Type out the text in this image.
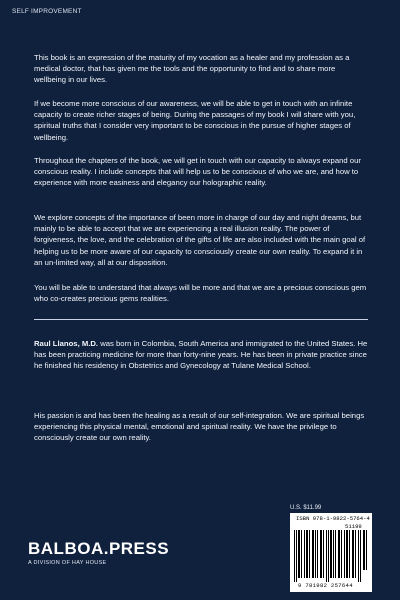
SELF IMPROVEMENT

This book is an expression of the maturity of my vocation as a healer and my profession as a medical doctor, that has given me the tools and the opportunity to find and to share more wellbeing in our lives.

If we become more conscious of our awareness, we will be able to get in touch with an infinite capacity to create richer stages of being. During the passages of my book I will share with you, spiritual truths that I consider very important to be conscious in the pursue of higher stages of wellbeing.

Throughout the chapters of the book, we will get in touch with our capacity to always expand our conscious reality. I include concepts that will help us to be conscious of who we are, and how to experience with more easiness and elegancy our holographic reality.

We explore concepts of the importance of been more in charge of our day and night dreams, but mainly to be able to accept that we are experiencing a real illusion reality. The power of forgiveness, the love, and the celebration of the gifts of life are also included with the main goal of helping us to be more aware of our capacity to consciously create our own reality. To expand it in an un-limited way, all at our disposition.

You will be able to understand that always will be more and that we are a precious conscious gem who co-creates precious gems realities.

Raul Llanos, M.D. was born in Colombia, South America and immigrated to the United States. He has been practicing medicine for more than forty-nine years. He has been in private practice since he finished his residency in Obstetrics and Gynecology at Tulane Medical School.

His passion is and has been the healing as a result of our self-integration. We are spiritual beings experiencing this physical mental, emotional and spiritual reality. We have the privilege to consciously create our own reality.

U.S. $11.99
ISBN 978-1-9822-5764-4
51199
9 781982 257644
BALBOA.PRESS
A DIVISION OF HAY HOUSE
